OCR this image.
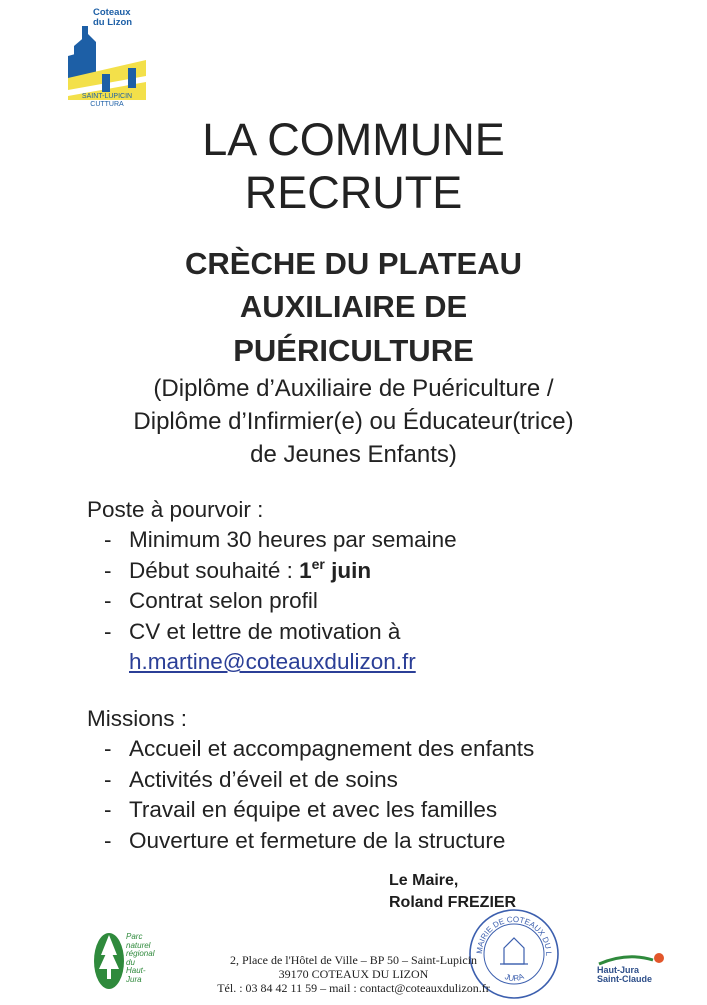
Coteaux
du Lizon
SAINT-LUPICIN
CUTTURA
LA COMMUNE
RECRUTE
CRÈCHE DU PLATEAU
AUXILIAIRE DE
PUÉRICULTURE
(Diplôme d’Auxiliaire de Puériculture /
Diplôme d’Infirmier(e) ou Éducateur(trice)
de Jeunes Enfants)
Poste à pourvoir :
- Minimum 30 heures par semaine
- Début souhaité : 1er juin
- Contrat selon profil
- CV et lettre de motivation à
h.martine@coteauxdulizon.fr
Missions :
- Accueil et accompagnement des enfants
- Activités d’éveil et de soins
- Travail en équipe et avec les familles
- Ouverture et fermeture de la structure
Le Maire,
Roland FREZIER
MAIRIE DE COTEAUX DU L
JURA
Parc
naturel
régional
du Haut-Jura
2, Place de l'Hôtel de Ville – BP 50 – Saint-Lupicin
39170 COTEAUX DU LIZON
Tél. : 03 84 42 11 59 – mail : contact@coteauxdulizon.fr
Haut-Jura
Saint-Claude
